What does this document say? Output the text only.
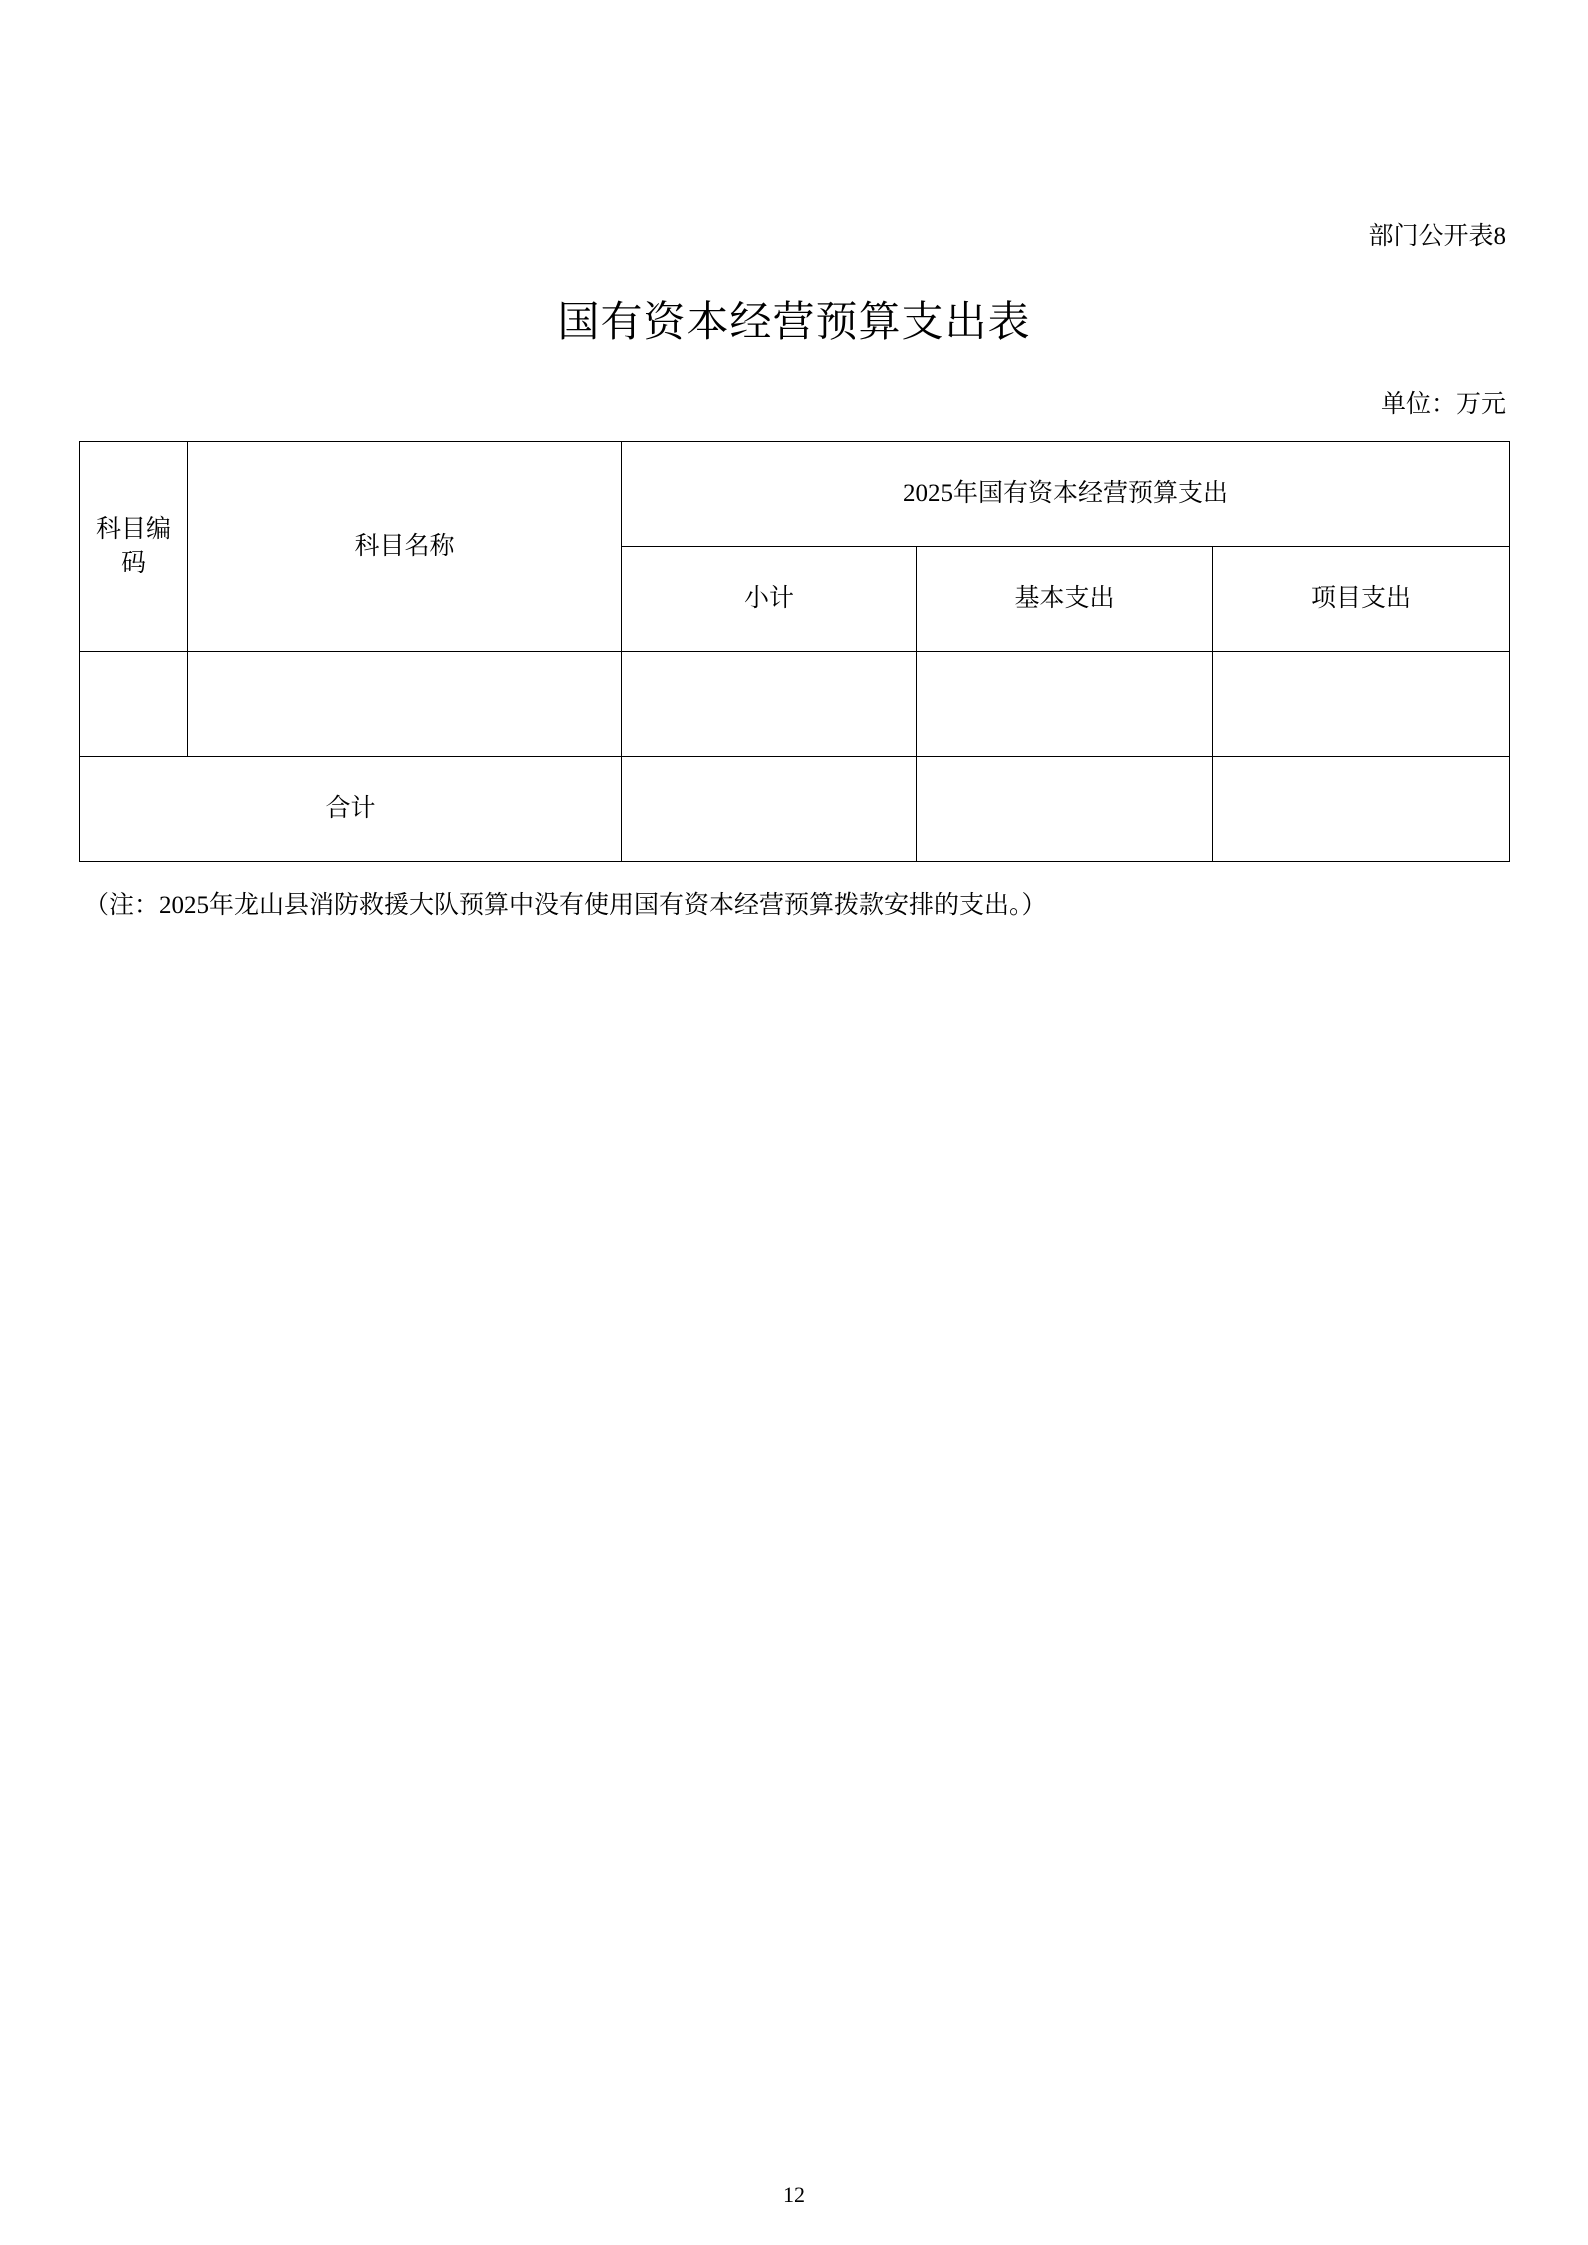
部门公开表8
国有资本经营预算支出表
单位：万元
科目编码	科目名称	2025年国有资本经营预算支出		
		小计	基本支出	项目支出

合计				
（注：2025年龙山县消防救援大队预算中没有使用国有资本经营预算拨款安排的支出。）
12
